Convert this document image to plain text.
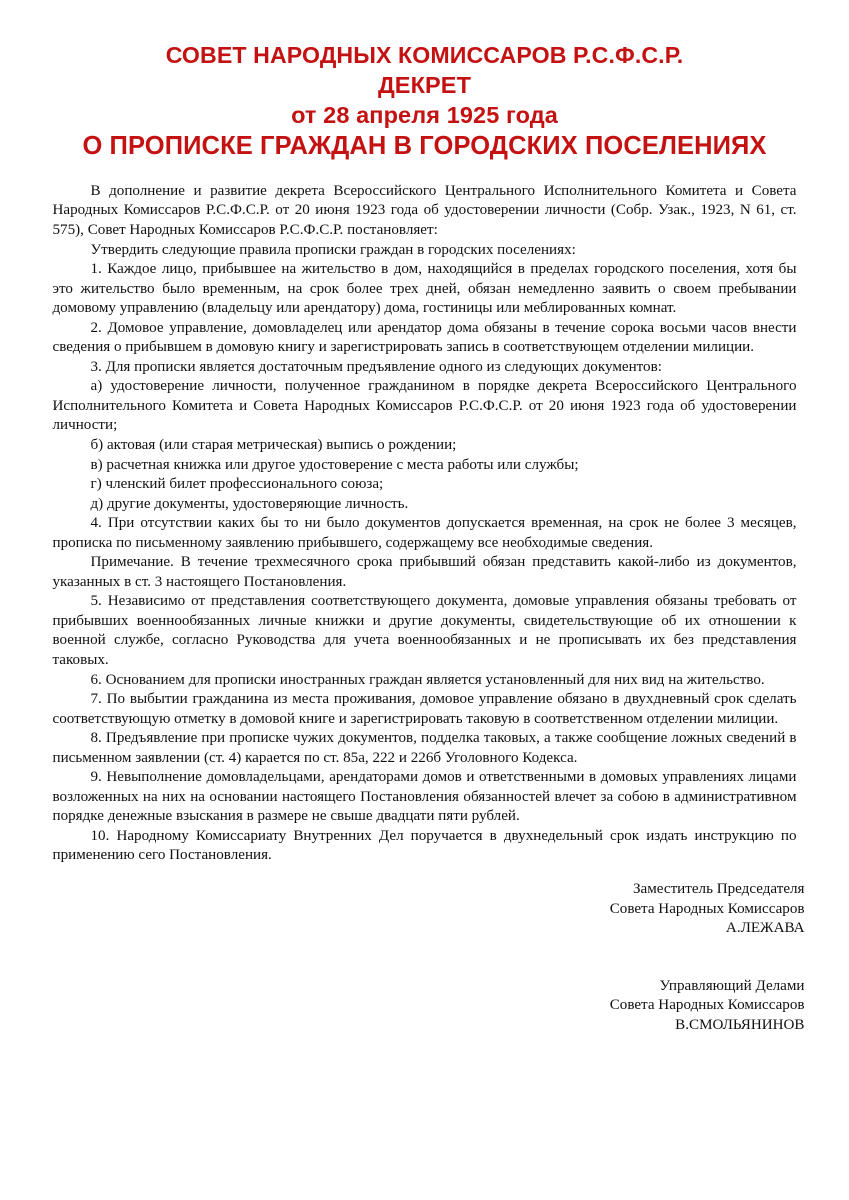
СОВЕТ НАРОДНЫХ КОМИССАРОВ Р.С.Ф.С.Р.
ДЕКРЕТ
от 28 апреля 1925 года
О ПРОПИСКЕ ГРАЖДАН В ГОРОДСКИХ ПОСЕЛЕНИЯХ

В дополнение и развитие декрета Всероссийского Центрального Исполнительного Комитета и Совета Народных Комиссаров Р.С.Ф.С.Р. от 20 июня 1923 года об удостоверении личности (Собр. Узак., 1923, N 61, ст. 575), Совет Народных Комиссаров Р.С.Ф.С.Р. постановляет:

Утвердить следующие правила прописки граждан в городских поселениях:

1. Каждое лицо, прибывшее на жительство в дом, находящийся в пределах городского поселения, хотя бы это жительство было временным, на срок более трех дней, обязан немедленно заявить о своем пребывании домовому управлению (владельцу или арендатору) дома, гостиницы или меблированных комнат.

2. Домовое управление, домовладелец или арендатор дома обязаны в течение сорока восьми часов внести сведения о прибывшем в домовую книгу и зарегистрировать запись в соответствующем отделении милиции.

3. Для прописки является достаточным предъявление одного из следующих документов:

а) удостоверение личности, полученное гражданином в порядке декрета Всероссийского Центрального Исполнительного Комитета и Совета Народных Комиссаров Р.С.Ф.С.Р. от 20 июня 1923 года об удостоверении личности;

б) актовая (или старая метрическая) выпись о рождении;

в) расчетная книжка или другое удостоверение с места работы или службы;

г) членский билет профессионального союза;

д) другие документы, удостоверяющие личность.

4. При отсутствии каких бы то ни было документов допускается временная, на срок не более 3 месяцев, прописка по письменному заявлению прибывшего, содержащему все необходимые сведения.

Примечание. В течение трехмесячного срока прибывший обязан представить какой-либо из документов, указанных в ст. 3 настоящего Постановления.

5. Независимо от представления соответствующего документа, домовые управления обязаны требовать от прибывших военнообязанных личные книжки и другие документы, свидетельствующие об их отношении к военной службе, согласно Руководства для учета военнообязанных и не прописывать их без представления таковых.

6. Основанием для прописки иностранных граждан является установленный для них вид на жительство.

7. По выбытии гражданина из места проживания, домовое управление обязано в двухдневный срок сделать соответствующую отметку в домовой книге и зарегистрировать таковую в соответственном отделении милиции.

8. Предъявление при прописке чужих документов, подделка таковых, а также сообщение ложных сведений в письменном заявлении (ст. 4) карается по ст. 85а, 222 и 226б Уголовного Кодекса.

9. Невыполнение домовладельцами, арендаторами домов и ответственными в домовых управлениях лицами возложенных на них на основании настоящего Постановления обязанностей влечет за собою в административном порядке денежные взыскания в размере не свыше двадцати пяти рублей.

10. Народному Комиссариату Внутренних Дел поручается в двухнедельный срок издать инструкцию по применению сего Постановления.

Заместитель Председателя
Совета Народных Комиссаров
А.ЛЕЖАВА
Управляющий Делами
Совета Народных Комиссаров
В.СМОЛЬЯНИНОВ
